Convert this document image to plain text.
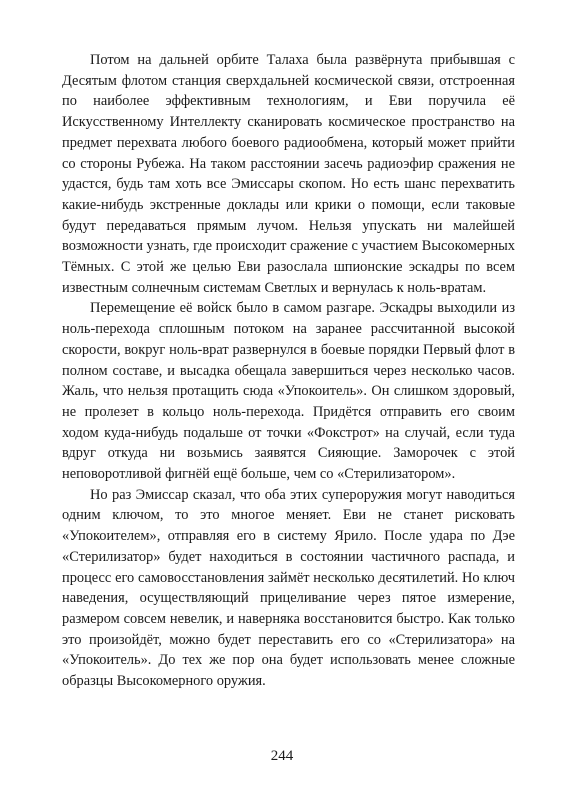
Потом на дальней орбите Талаха была развёрнута прибывшая с Десятым флотом станция сверхдальней космической связи, отстроенная по наиболее эффективным технологиям, и Еви поручила её Искусственному Интеллекту сканировать космическое пространство на предмет перехвата любого боевого радиообмена, который может прийти со стороны Рубежа. На таком расстоянии засечь радиоэфир сражения не удастся, будь там хоть все Эмиссары скопом. Но есть шанс перехватить какие-нибудь экстренные доклады или крики о помощи, если таковые будут передаваться прямым лучом. Нельзя упускать ни малейшей возможности узнать, где происходит сражение с участием Высокомерных Тёмных. С этой же целью Еви разослала шпионские эскадры по всем известным солнечным системам Светлых и вернулась к ноль-вратам.

Перемещение её войск было в самом разгаре. Эскадры выходили из ноль-перехода сплошным потоком на заранее рассчитанной высокой скорости, вокруг ноль-врат развернулся в боевые порядки Первый флот в полном составе, и высадка обещала завершиться через несколько часов. Жаль, что нельзя протащить сюда «Упокоитель». Он слишком здоровый, не пролезет в кольцо ноль-перехода. Придётся отправить его своим ходом куда-нибудь подальше от точки «Фокстрот» на случай, если туда вдруг откуда ни возьмись заявятся Сияющие. Заморочек с этой неповоротливой фигнёй ещё больше, чем со «Стерилизатором».

Но раз Эмиссар сказал, что оба этих супероружия могут наводиться одним ключом, то это многое меняет. Еви не станет рисковать «Упокоителем», отправляя его в систему Ярило. После удара по Дэе «Стерилизатор» будет находиться в состоянии частичного распада, и процесс его самовосстановления займёт несколько десятилетий. Но ключ наведения, осуществляющий прицеливание через пятое измерение, размером совсем невелик, и наверняка восстановится быстро. Как только это произойдёт, можно будет переставить его со «Стерилизатора» на «Упокоитель». До тех же пор она будет использовать менее сложные образцы Высокомерного оружия.

244
